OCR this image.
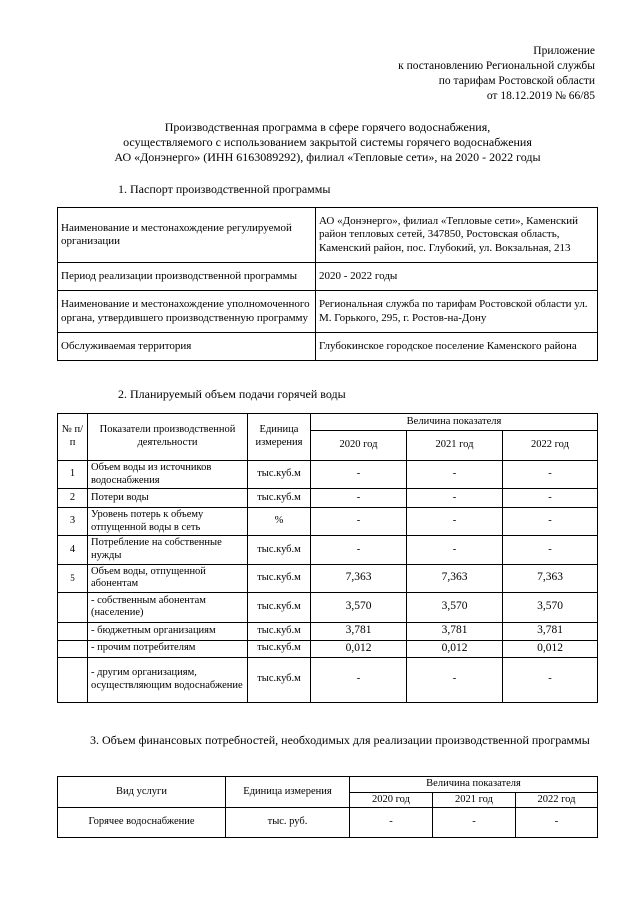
Приложение
к постановлению Региональной службы
по тарифам Ростовской области
от 18.12.2019 № 66/85
Производственная программа в сфере горячего водоснабжения,
осуществляемого с использованием закрытой системы горячего водоснабжения
АО «Донэнерго» (ИНН 6163089292), филиал «Тепловые сети», на 2020 - 2022 годы
1. Паспорт производственной программы
Наименование и местонахождение регулируемой организации	АО «Донэнерго», филиал «Тепловые сети», Каменский район тепловых сетей, 347850, Ростовская область, Каменский район, пос. Глубокий, ул. Вокзальная, 213
Период реализации производственной программы	2020 - 2022 годы
Наименование и местонахождение уполномоченного органа, утвердившего производственную программу	Региональная служба по тарифам Ростовской области ул. М. Горького, 295, г. Ростов-на-Дону
Обслуживаемая территория	Глубокинское городское поселение Каменского района
2. Планируемый объем подачи горячей воды
№ п/п	Показатели производственной деятельности	Единица измерения	Величина показателя		
			2020 год	2021 год	2022 год
1	Объем воды из источников водоснабжения	тыс.куб.м	-	-	-
2	Потери воды	тыс.куб.м	-	-	-
3	Уровень потерь к объему отпущенной воды в сеть	%	-	-	-
4	Потребление на собственные нужды	тыс.куб.м	-	-	-
5	Объем воды, отпущенной абонентам	тыс.куб.м	7,363	7,363	7,363
	- собственным абонентам (население)	тыс.куб.м	3,570	3,570	3,570
	- бюджетным организациям	тыс.куб.м	3,781	3,781	3,781
	- прочим потребителям	тыс.куб.м	0,012	0,012	0,012
	- другим организациям, осуществляющим водоснабжение	тыс.куб.м	-	-	-
3. Объем финансовых потребностей, необходимых для реализации производственной программы
Вид услуги	Единица измерения	Величина показателя		
		2020 год	2021 год	2022 год
Горячее водоснабжение	тыс. руб.	-	-	-
